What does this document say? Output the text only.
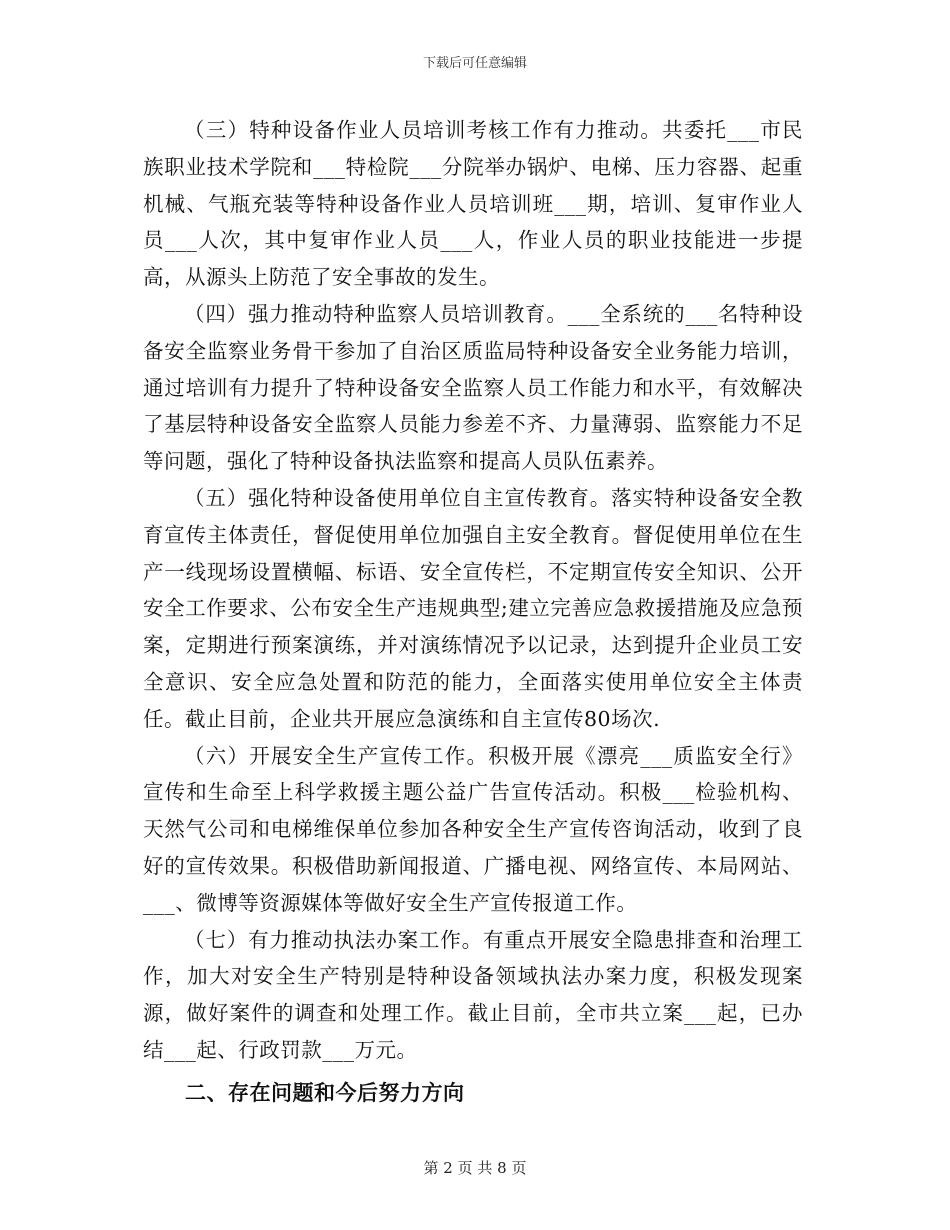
下载后可任意编辑

（三）特种设备作业人员培训考核工作有力推动。共委托___市民族职业技术学院和___特检院___分院举办锅炉、电梯、压力容器、起重机械、气瓶充装等特种设备作业人员培训班___期，培训、复审作业人员___人次，其中复审作业人员___人，作业人员的职业技能进一步提高，从源头上防范了安全事故的发生。

（四）强力推动特种监察人员培训教育。___全系统的___名特种设备安全监察业务骨干参加了自治区质监局特种设备安全业务能力培训，通过培训有力提升了特种设备安全监察人员工作能力和水平，有效解决了基层特种设备安全监察人员能力参差不齐、力量薄弱、监察能力不足等问题，强化了特种设备执法监察和提高人员队伍素养。

（五）强化特种设备使用单位自主宣传教育。落实特种设备安全教育宣传主体责任，督促使用单位加强自主安全教育。督促使用单位在生产一线现场设置横幅、标语、安全宣传栏，不定期宣传安全知识、公开安全工作要求、公布安全生产违规典型;建立完善应急救援措施及应急预案，定期进行预案演练，并对演练情况予以记录，达到提升企业员工安全意识、安全应急处置和防范的能力，全面落实使用单位安全主体责任。截止目前，企业共开展应急演练和自主宣传80场次.

（六）开展安全生产宣传工作。积极开展《漂亮___质监安全行》宣传和生命至上科学救援主题公益广告宣传活动。积极___检验机构、天然气公司和电梯维保单位参加各种安全生产宣传咨询活动，收到了良好的宣传效果。积极借助新闻报道、广播电视、网络宣传、本局网站、___、微博等资源媒体等做好安全生产宣传报道工作。

（七）有力推动执法办案工作。有重点开展安全隐患排查和治理工作，加大对安全生产特别是特种设备领域执法办案力度，积极发现案源，做好案件的调查和处理工作。截止目前，全市共立案___起，已办结___起、行政罚款___万元。

二、存在问题和今后努力方向

第 2 页 共 8 页
